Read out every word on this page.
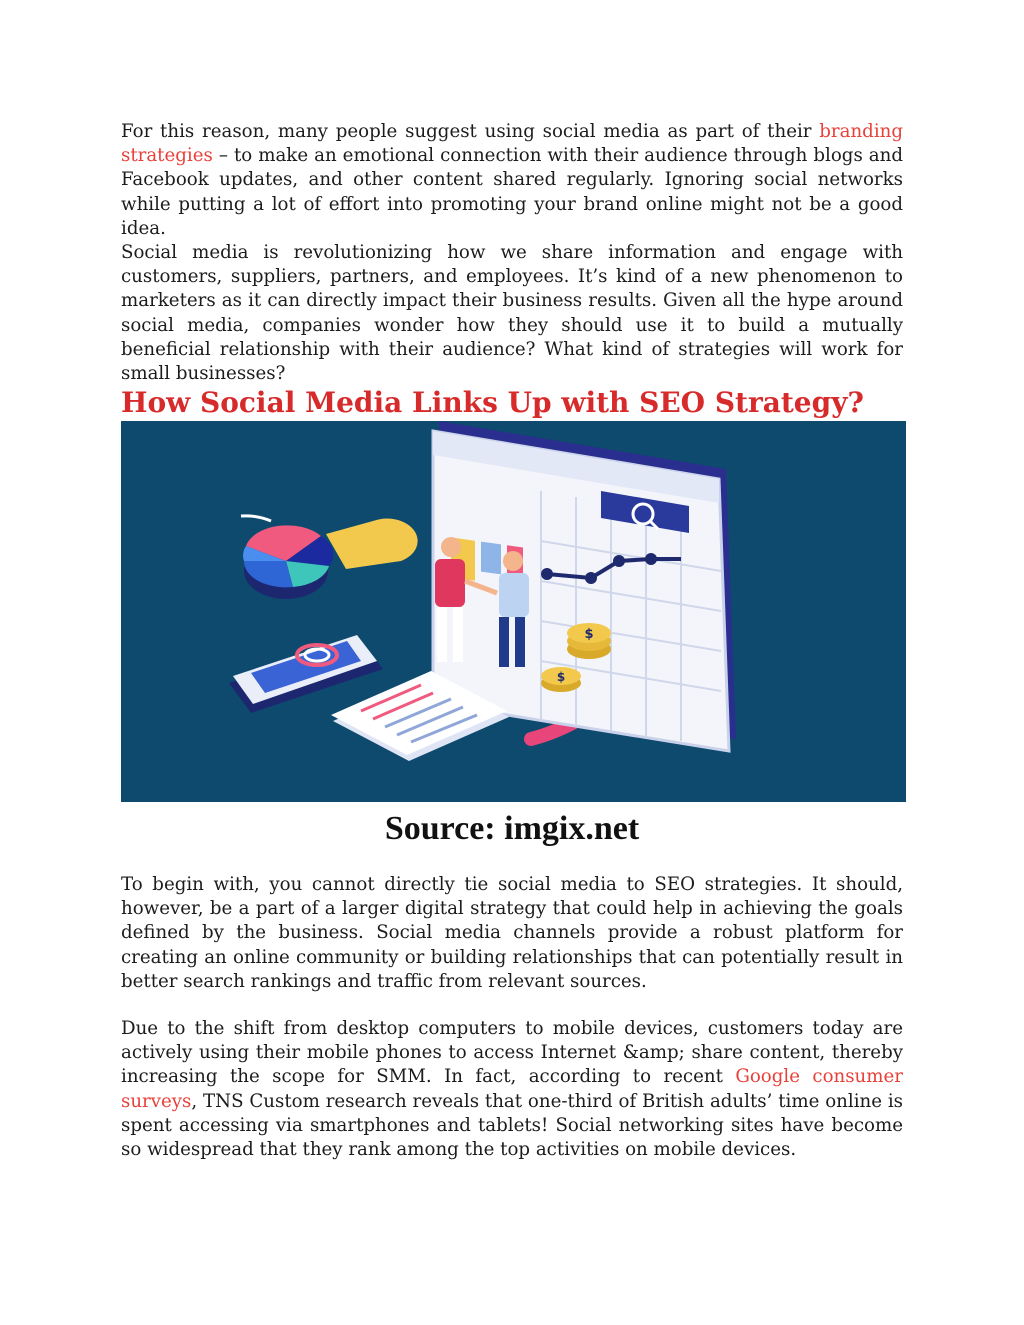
For this reason, many people suggest using social media as part of their branding strategies – to make an emotional connection with their audience through blogs and Facebook updates, and other content shared regularly. Ignoring social networks while putting a lot of effort into promoting your brand online might not be a good idea.

Social media is revolutionizing how we share information and engage with customers, suppliers, partners, and employees. It’s kind of a new phenomenon to marketers as it can directly impact their business results. Given all the hype around social media, companies wonder how they should use it to build a mutually beneficial relationship with their audience? What kind of strategies will work for small businesses?

How Social Media Links Up with SEO Strategy?
$
$

Source: imgix.net

To begin with, you cannot directly tie social media to SEO strategies. It should, however, be a part of a larger digital strategy that could help in achieving the goals defined by the business. Social media channels provide a robust platform for creating an online community or building relationships that can potentially result in better search rankings and traffic from relevant sources.

Due to the shift from desktop computers to mobile devices, customers today are actively using their mobile phones to access Internet &amp; share content, thereby increasing the scope for SMM. In fact, according to recent Google consumer surveys, TNS Custom research reveals that one-third of British adults’ time online is spent accessing via smartphones and tablets! Social networking sites have become so widespread that they rank among the top activities on mobile devices.
